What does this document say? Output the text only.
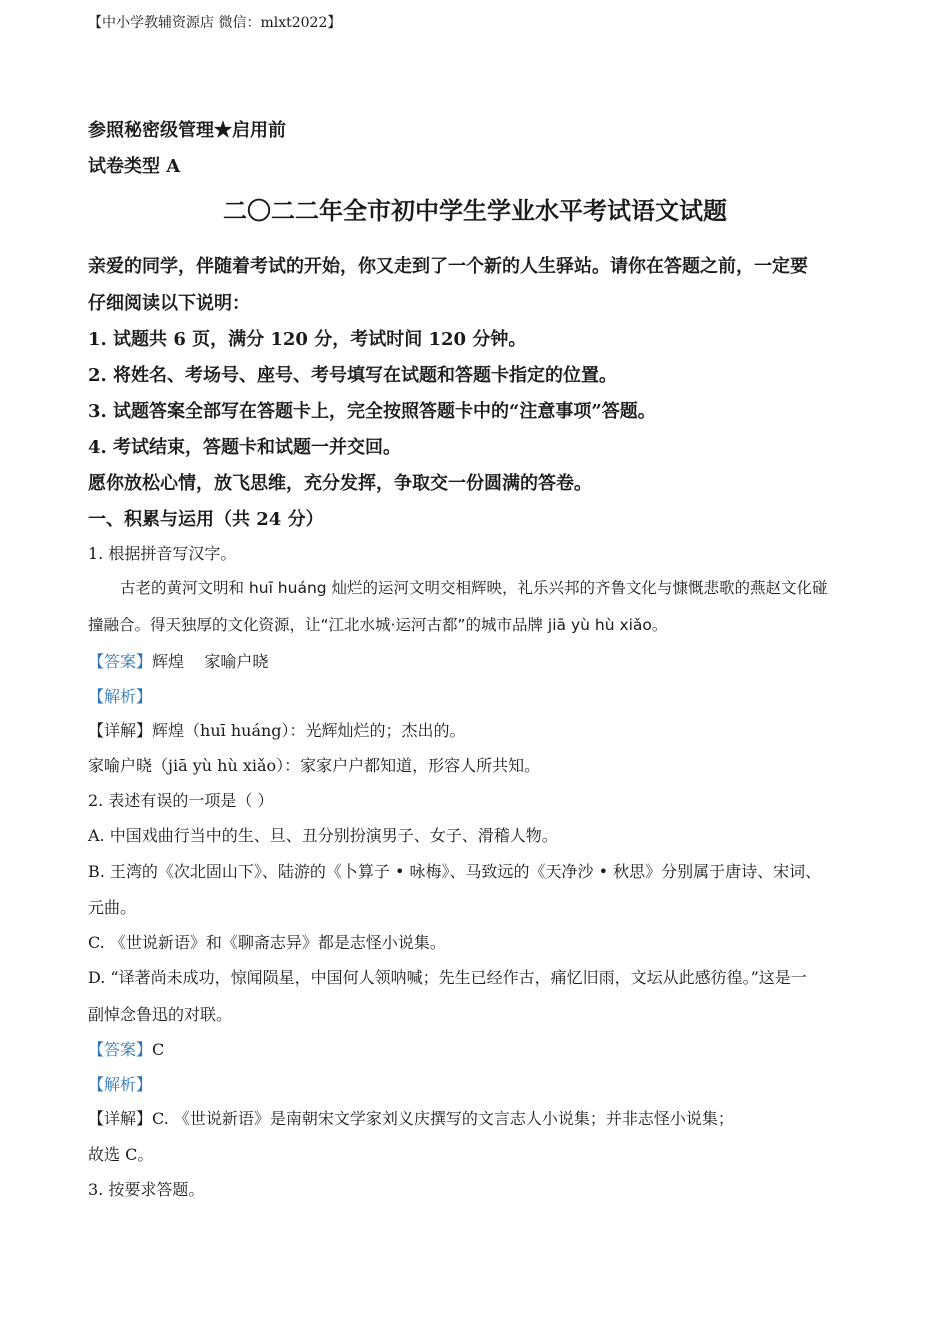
【中小学教辅资源店 微信：mlxt2022】
参照秘密级管理★启用前
试卷类型 A
二〇二二年全市初中学生学业水平考试语文试题
亲爱的同学，伴随着考试的开始，你又走到了一个新的人生驿站。请你在答题之前，一定要
仔细阅读以下说明：
1. 试题共 6 页，满分 120 分，考试时间 120 分钟。
2. 将姓名、考场号、座号、考号填写在试题和答题卡指定的位置。
3. 试题答案全部写在答题卡上，完全按照答题卡中的“注意事项”答题。
4. 考试结束，答题卡和试题一并交回。
愿你放松心情，放飞思维，充分发挥，争取交一份圆满的答卷。
一、积累与运用（共 24 分）
1. 根据拼音写汉字。
古老的黄河文明和 huī huáng 灿烂的运河文明交相辉映，礼乐兴邦的齐鲁文化与慷慨悲歌的燕赵文化碰
撞融合。得天独厚的文化资源，让“江北水城·运河古都”的城市品牌 jiā yù hù xiǎo。
【答案】辉煌    家喻户晓
【解析】
【详解】辉煌（huī huáng）：光辉灿烂的；杰出的。
家喻户晓（jiā yù hù xiǎo）：家家户户都知道，形容人所共知。
2. 表述有误的一项是（ ）
A. 中国戏曲行当中的生、旦、丑分别扮演男子、女子、滑稽人物。
B. 王湾的《次北固山下》、陆游的《卜算子 • 咏梅》、马致远的《天净沙 • 秋思》分别属于唐诗、宋词、
元曲。
C. 《世说新语》和《聊斋志异》都是志怪小说集。
D. “译著尚未成功，惊闻陨星，中国何人领呐喊；先生已经作古，痛忆旧雨，文坛从此感彷徨。”这是一
副悼念鲁迅的对联。
【答案】C
【解析】
【详解】C. 《世说新语》是南朝宋文学家刘义庆撰写的文言志人小说集；并非志怪小说集；
故选 C。
3. 按要求答题。
